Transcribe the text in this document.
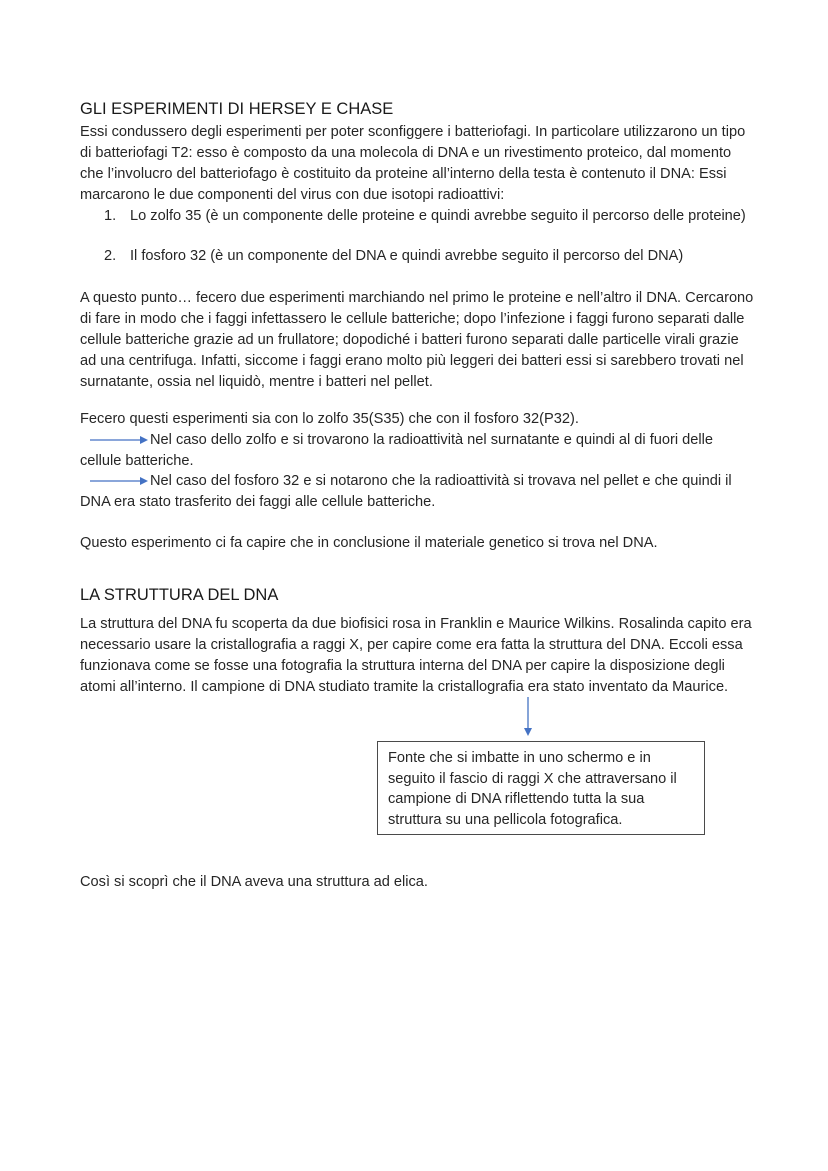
GLI ESPERIMENTI DI HERSEY E CHASE

Essi condussero degli esperimenti per poter sconfiggere i batteriofagi. In particolare utilizzarono un tipo di batteriofagi T2: esso è composto da una molecola di DNA e un rivestimento proteico, dal momento che l’involucro del batteriofago è costituito da proteine all’interno della testa è contenuto il DNA: Essi marcarono le due componenti del virus con due isotopi radioattivi:

1. Lo zolfo 35 (è un componente delle proteine e quindi avrebbe seguito il percorso delle proteine)
2. Il fosforo 32 (è un componente del DNA e quindi avrebbe seguito il percorso del DNA)

A questo punto… fecero due esperimenti marchiando nel primo le proteine e nell’altro il DNA. Cercarono di fare in modo che i faggi infettassero le cellule batteriche; dopo l’infezione i faggi furono separati dalle cellule batteriche grazie ad un frullatore; dopodiché i batteri furono separati dalle particelle virali grazie ad una centrifuga. Infatti, siccome i faggi erano molto più leggeri dei batteri essi si sarebbero trovati nel surnatante, ossia nel liquidò, mentre i batteri nel pellet.

Fecero questi esperimenti sia con lo zolfo 35(S35) che con il fosforo 32(P32).

Nel caso dello zolfo e si trovarono la radioattività nel surnatante e quindi al di fuori delle cellule batteriche.

Nel caso del fosforo 32 e si notarono che la radioattività si trovava nel pellet e che quindi il DNA era stato trasferito dei faggi alle cellule batteriche.

Questo esperimento ci fa capire che in conclusione il materiale genetico si trova nel DNA.

LA STRUTTURA DEL DNA

La struttura del DNA fu scoperta da due biofisici rosa in Franklin e Maurice Wilkins. Rosalinda capito era necessario usare la cristallografia a raggi X, per capire come era fatta la struttura del DNA. Eccoli essa funzionava come se fosse una fotografia la struttura interna del DNA per capire la disposizione degli atomi all’interno. Il campione di DNA studiato tramite la cristallografia era stato inventato da Maurice.

Fonte che si imbatte in uno schermo e in seguito il fascio di raggi X che attraversano il campione di DNA riflettendo tutta la sua struttura su una pellicola fotografica.

Così si scoprì che il DNA aveva una struttura ad elica.
